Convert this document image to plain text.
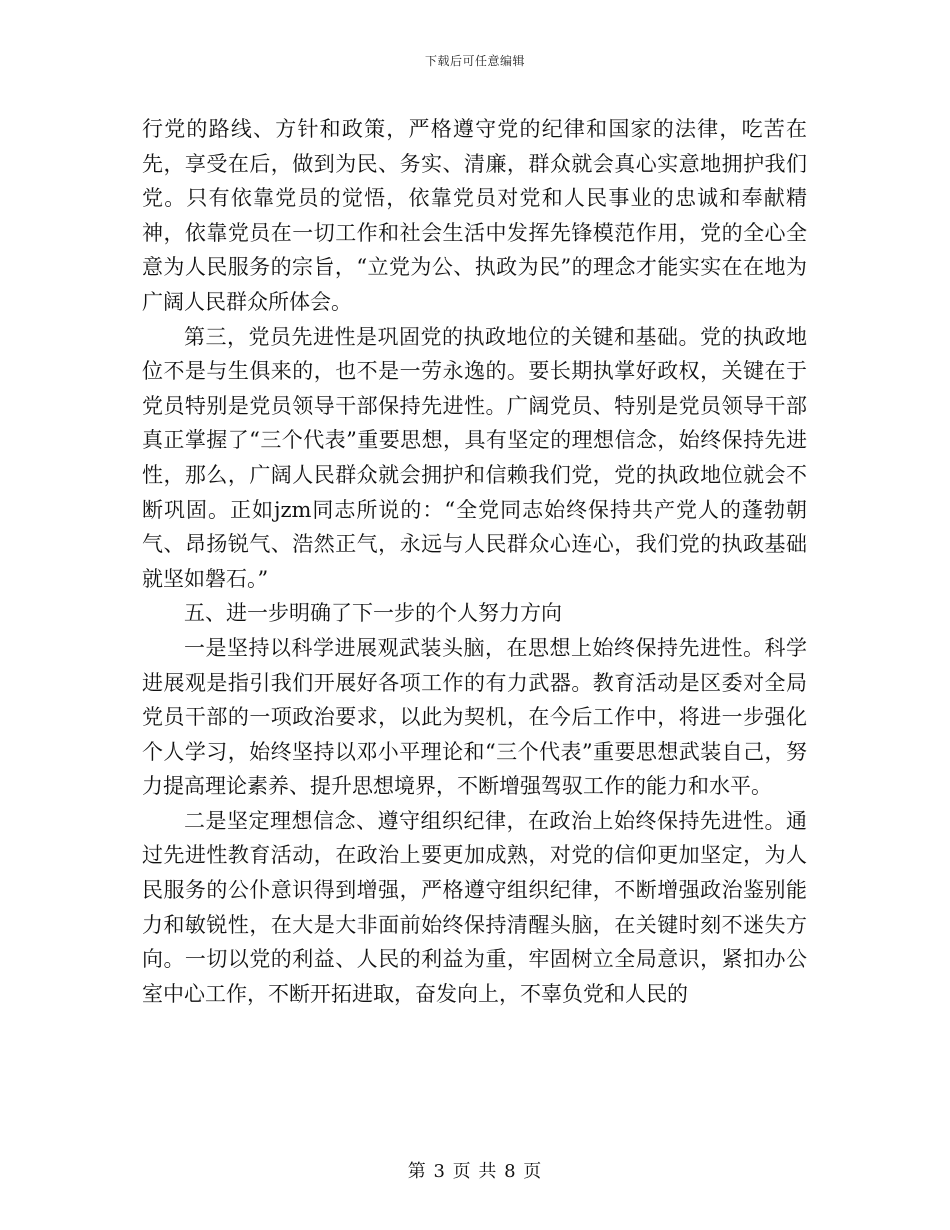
下载后可任意编辑

行党的路线、方针和政策，严格遵守党的纪律和国家的法律，吃苦在先，享受在后，做到为民、务实、清廉，群众就会真心实意地拥护我们党。只有依靠党员的觉悟，依靠党员对党和人民事业的忠诚和奉献精神，依靠党员在一切工作和社会生活中发挥先锋模范作用，党的全心全意为人民服务的宗旨，“立党为公、执政为民”的理念才能实实在在地为广阔人民群众所体会。

第三，党员先进性是巩固党的执政地位的关键和基础。党的执政地位不是与生俱来的，也不是一劳永逸的。要长期执掌好政权，关键在于党员特别是党员领导干部保持先进性。广阔党员、特别是党员领导干部真正掌握了“三个代表”重要思想，具有坚定的理想信念，始终保持先进性，那么，广阔人民群众就会拥护和信赖我们党，党的执政地位就会不断巩固。正如jzm同志所说的：“全党同志始终保持共产党人的蓬勃朝气、昂扬锐气、浩然正气，永远与人民群众心连心，我们党的执政基础就坚如磐石。”

五、进一步明确了下一步的个人努力方向

一是坚持以科学进展观武装头脑，在思想上始终保持先进性。科学进展观是指引我们开展好各项工作的有力武器。教育活动是区委对全局党员干部的一项政治要求，以此为契机，在今后工作中，将进一步强化个人学习，始终坚持以邓小平理论和“三个代表”重要思想武装自己，努力提高理论素养、提升思想境界，不断增强驾驭工作的能力和水平。

二是坚定理想信念、遵守组织纪律，在政治上始终保持先进性。通过先进性教育活动，在政治上要更加成熟，对党的信仰更加坚定，为人民服务的公仆意识得到增强，严格遵守组织纪律，不断增强政治鉴别能力和敏锐性，在大是大非面前始终保持清醒头脑，在关键时刻不迷失方向。一切以党的利益、人民的利益为重，牢固树立全局意识，紧扣办公室中心工作，不断开拓进取，奋发向上，不辜负党和人民的

第 3 页 共 8 页
